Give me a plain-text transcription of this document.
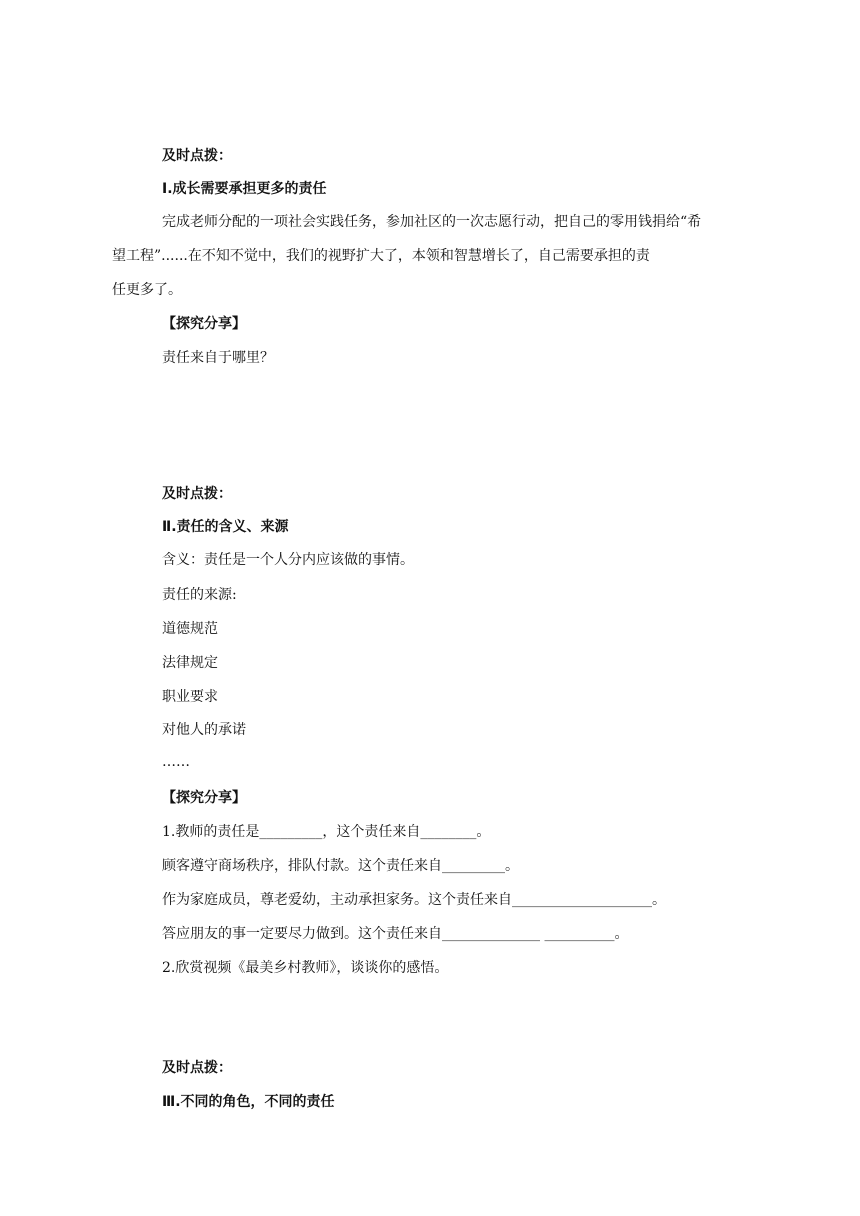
及时点拨：
Ⅰ.成长需要承担更多的责任
完成老师分配的一项社会实践任务，参加社区的一次志愿行动，把自己的零用钱捐给“希
望工程”......在不知不觉中，我们的视野扩大了，本领和智慧增长了，自己需要承担的责
任更多了。
【探究分享】
责任来自于哪里？
及时点拨：
Ⅱ.责任的含义、来源
含义：责任是一个人分内应该做的事情。
责任的来源:
道德规范
法律规定
职业要求
对他人的承诺
……
【探究分享】
1.教师的责任是_________，这个责任来自________。
顾客遵守商场秩序，排队付款。这个责任来自_________。
作为家庭成员，尊老爱幼，主动承担家务。这个责任来自____________________。
答应朋友的事一定要尽力做到。这个责任来自______________ __________。
2.欣赏视频《最美乡村教师》，谈谈你的感悟。
及时点拨：
Ⅲ.不同的角色，不同的责任
